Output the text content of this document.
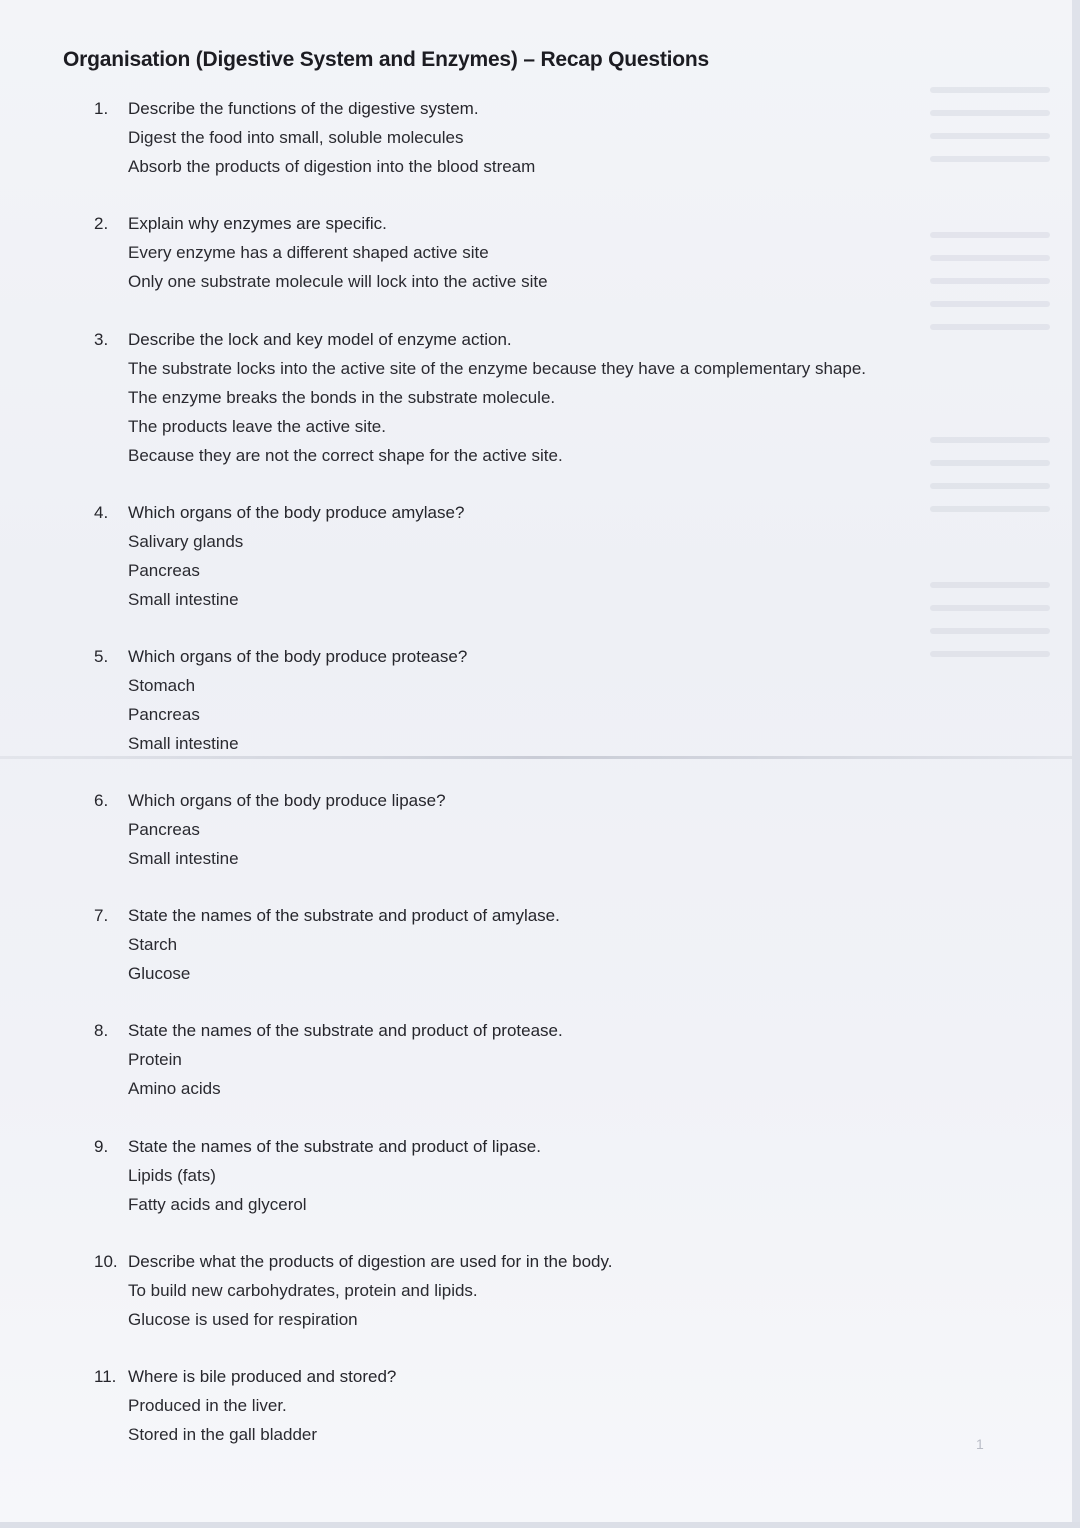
Organisation (Digestive System and Enzymes) – Recap Questions
1. Describe the functions of the digestive system.
Digest the food into small, soluble molecules
Absorb the products of digestion into the blood stream
2. Explain why enzymes are specific.
Every enzyme has a different shaped active site
Only one substrate molecule will lock into the active site
3. Describe the lock and key model of enzyme action.
The substrate locks into the active site of the enzyme because they have a complementary shape.
The enzyme breaks the bonds in the substrate molecule.
The products leave the active site.
Because they are not the correct shape for the active site.
4. Which organs of the body produce amylase?
Salivary glands
Pancreas
Small intestine
5. Which organs of the body produce protease?
Stomach
Pancreas
Small intestine
6. Which organs of the body produce lipase?
Pancreas
Small intestine
7. State the names of the substrate and product of amylase.
Starch
Glucose
8. State the names of the substrate and product of protease.
Protein
Amino acids
9. State the names of the substrate and product of lipase.
Lipids (fats)
Fatty acids and glycerol
10. Describe what the products of digestion are used for in the body.
To build new carbohydrates, protein and lipids.
Glucose is used for respiration
11. Where is bile produced and stored?
Produced in the liver.
Stored in the gall bladder	1
